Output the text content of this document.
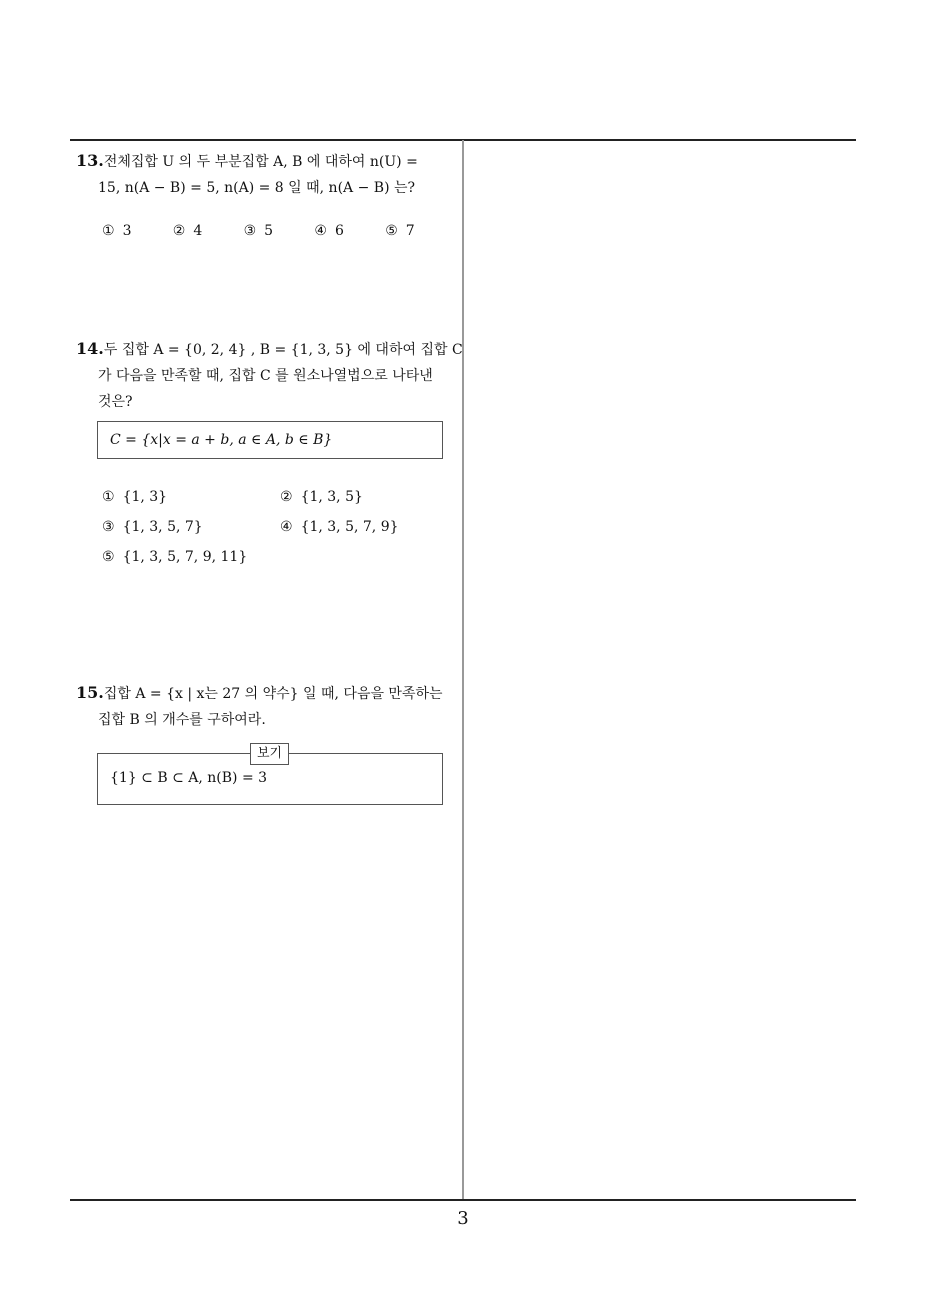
13.전체집합 U 의 두 부분집합 A, B 에 대하여 n(U) =
15, n(A − B) = 5, n(A) = 8 일 때, n(A − B) 는?
① 3	② 4	③ 5	④ 6	⑤ 7
14.두 집합 A = {0, 2, 4} , B = {1, 3, 5} 에 대하여 집합 C
가 다음을 만족할 때, 집합 C 를 원소나열법으로 나타낸
것은?
C = {x|x = a + b, a ∈ A, b ∈ B}
① {1, 3}	② {1, 3, 5}
③ {1, 3, 5, 7}	④ {1, 3, 5, 7, 9}
⑤ {1, 3, 5, 7, 9, 11}
15.집합 A = {x | x는 27 의 약수} 일 때, 다음을 만족하는
집합 B 의 개수를 구하여라.
보기
{1} ⊂ B ⊂ A, n(B) = 3
3
